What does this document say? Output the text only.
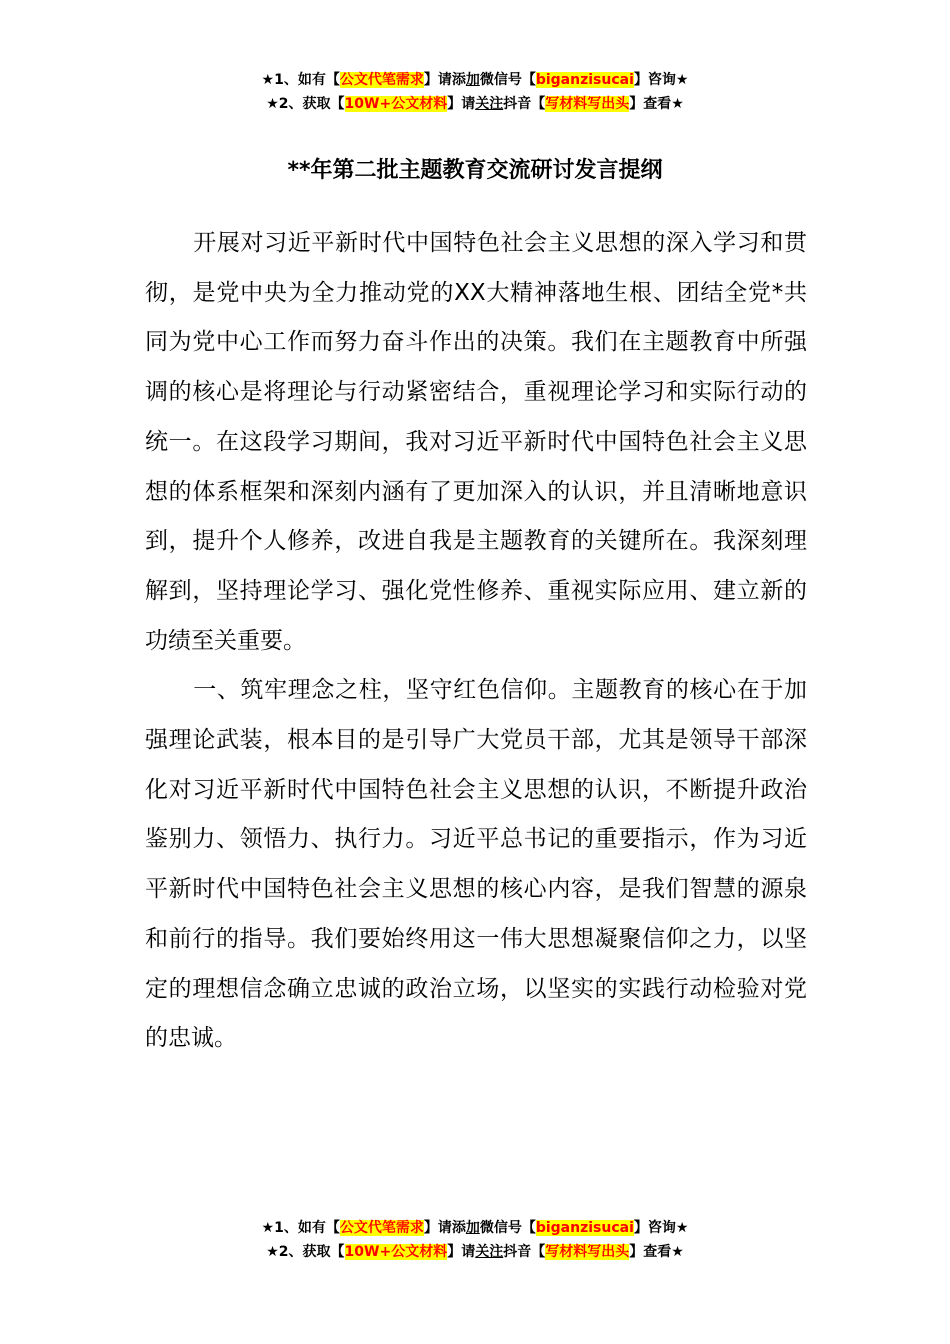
★1、如有【公文代笔需求】请添加微信号【biganzisucai】咨询★
★2、获取【10W+公文材料】请关注抖音【写材料写出头】查看★
**年第二批主题教育交流研讨发言提纲

开展对习近平新时代中国特色社会主义思想的深入学习和贯彻，是党中央为全力推动党的XX大精神落地生根、团结全党*共同为党中心工作而努力奋斗作出的决策。我们在主题教育中所强调的核心是将理论与行动紧密结合，重视理论学习和实际行动的统一。在这段学习期间，我对习近平新时代中国特色社会主义思想的体系框架和深刻内涵有了更加深入的认识，并且清晰地意识到，提升个人修养，改进自我是主题教育的关键所在。我深刻理解到，坚持理论学习、强化党性修养、重视实际应用、建立新的功绩至关重要。

一、筑牢理念之柱，坚守红色信仰。主题教育的核心在于加强理论武装，根本目的是引导广大党员干部，尤其是领导干部深化对习近平新时代中国特色社会主义思想的认识，不断提升政治鉴别力、领悟力、执行力。习近平总书记的重要指示，作为习近平新时代中国特色社会主义思想的核心内容，是我们智慧的源泉和前行的指导。我们要始终用这一伟大思想凝聚信仰之力，以坚定的理想信念确立忠诚的政治立场，以坚实的实践行动检验对党的忠诚。

★1、如有【公文代笔需求】请添加微信号【biganzisucai】咨询★
★2、获取【10W+公文材料】请关注抖音【写材料写出头】查看★
